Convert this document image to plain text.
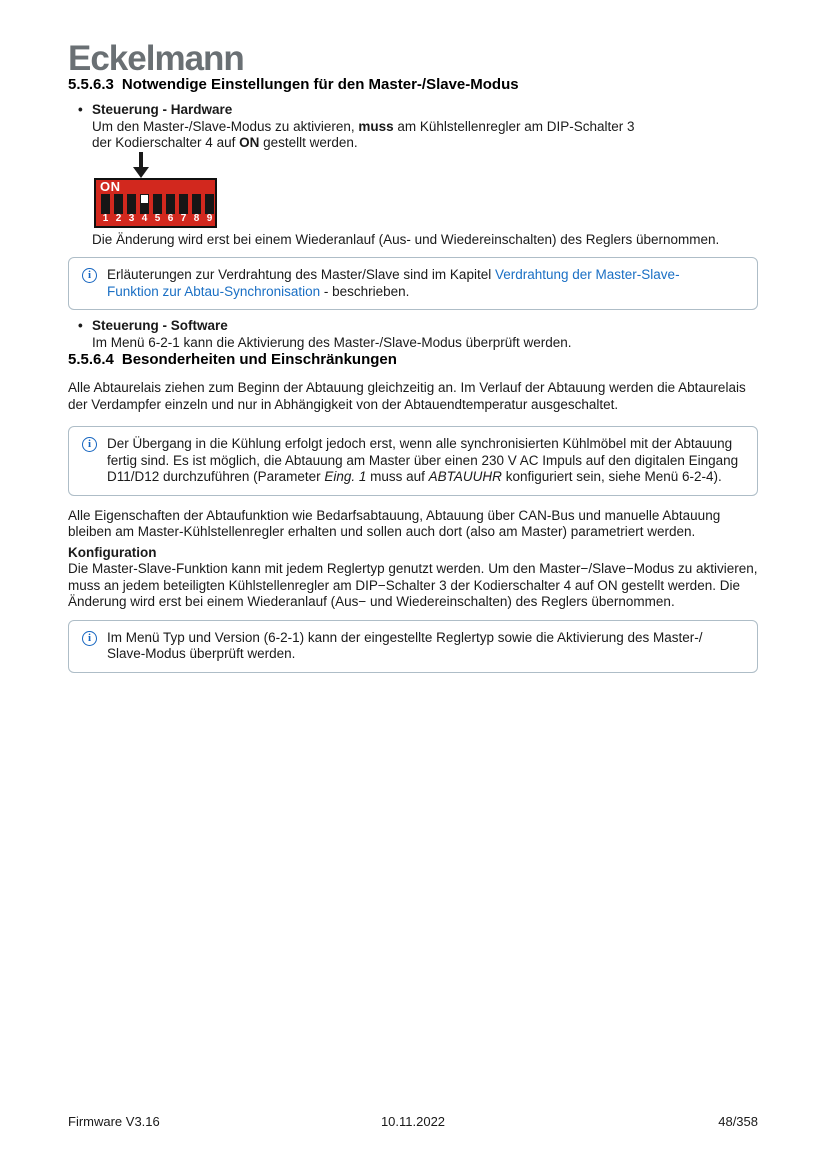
Eckelmann
5.5.6.3 Notwendige Einstellungen für den Master-/Slave-Modus
• Steuerung - Hardware
Um den Master-/Slave-Modus zu aktivieren, muss am Kühlstellenregler am DIP-Schalter 3
der Kodierschalter 4 auf ON gestellt werden.
ON
1 2 3 4 5 6 7 8 9
Die Änderung wird erst bei einem Wiederanlauf (Aus- und Wiedereinschalten) des Reglers übernommen.
i	Erläuterungen zur Verdrahtung des Master/Slave sind im Kapitel Verdrahtung der Master-Slave-
Funktion zur Abtau-Synchronisation - beschrieben.
• Steuerung - Software
Im Menü 6-2-1 kann die Aktivierung des Master-/Slave-Modus überprüft werden.
5.5.6.4 Besonderheiten und Einschränkungen
Alle Abtaurelais ziehen zum Beginn der Abtauung gleichzeitig an. Im Verlauf der Abtauung werden die Abtaurelais der Verdampfer einzeln und nur in Abhängigkeit von der Abtauendtemperatur ausgeschaltet.
i	Der Übergang in die Kühlung erfolgt jedoch erst, wenn alle synchronisierten Kühlmöbel mit der Abtauung fertig sind. Es ist möglich, die Abtauung am Master über einen 230 V AC Impuls auf den digitalen Eingang D11/D12 durchzuführen (Parameter Eing. 1 muss auf ABTAUUHR konfiguriert sein, siehe Menü 6-2-4).
Alle Eigenschaften der Abtaufunktion wie Bedarfsabtauung, Abtauung über CAN-Bus und manuelle Abtauung bleiben am Master-Kühlstellenregler erhalten und sollen auch dort (also am Master) parametriert werden.
Konfiguration
Die Master-Slave-Funktion kann mit jedem Reglertyp genutzt werden. Um den Master−/Slave−Modus zu aktivieren, muss an jedem beteiligten Kühlstellenregler am DIP−Schalter 3 der Kodierschalter 4 auf ON gestellt werden. Die Änderung wird erst bei einem Wiederanlauf (Aus− und Wiedereinschalten) des Reglers übernommen.
i	Im Menü Typ und Version (6-2-1) kann der eingestellte Reglertyp sowie die Aktivierung des Master-/
Slave-Modus überprüft werden.
Firmware V3.16	10.11.2022	48/358
